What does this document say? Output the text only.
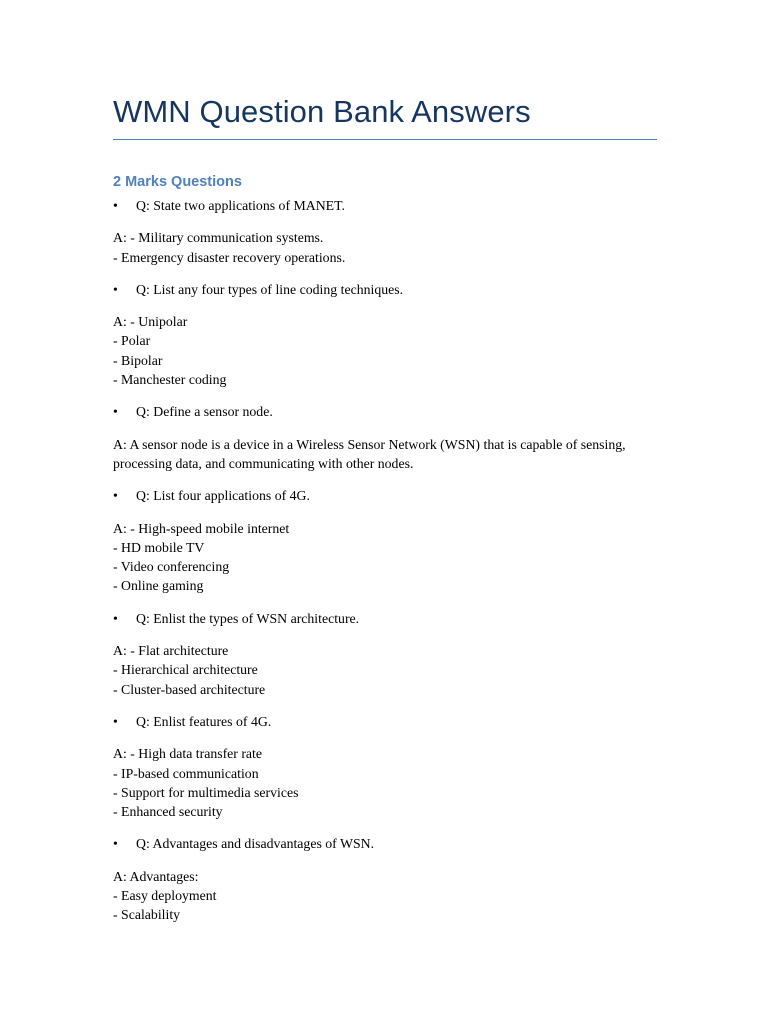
WMN Question Bank Answers
2 Marks Questions

• Q: State two applications of MANET.

A: - Military communication systems.
- Emergency disaster recovery operations.

• Q: List any four types of line coding techniques.

A: - Unipolar
- Polar
- Bipolar
- Manchester coding

• Q: Define a sensor node.

A: A sensor node is a device in a Wireless Sensor Network (WSN) that is capable of sensing, processing data, and communicating with other nodes.

• Q: List four applications of 4G.

A: - High-speed mobile internet
- HD mobile TV
- Video conferencing
- Online gaming

• Q: Enlist the types of WSN architecture.

A: - Flat architecture
- Hierarchical architecture
- Cluster-based architecture

• Q: Enlist features of 4G.

A: - High data transfer rate
- IP-based communication
- Support for multimedia services
- Enhanced security

• Q: Advantages and disadvantages of WSN.

A: Advantages:
- Easy deployment
- Scalability
